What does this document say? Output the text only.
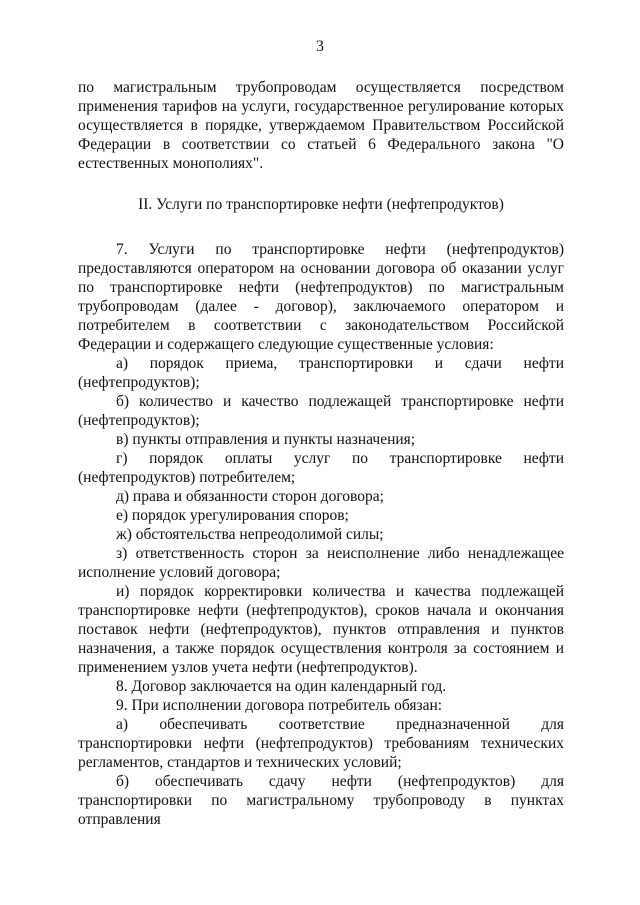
3

по магистральным трубопроводам осуществляется посредством применения тарифов на услуги, государственное регулирование которых осуществляется в порядке, утверждаемом Правительством Российской Федерации в соответствии со статьей 6 Федерального закона "О естественных монополиях".

II. Услуги по транспортировке нефти (нефтепродуктов)

7. Услуги по транспортировке нефти (нефтепродуктов) предоставляются оператором на основании договора об оказании услуг по транспортировке нефти (нефтепродуктов) по магистральным трубопроводам (далее - договор), заключаемого оператором и потребителем в соответствии с законодательством Российской Федерации и содержащего следующие существенные условия:

а) порядок приема, транспортировки и сдачи нефти (нефтепродуктов);

б) количество и качество подлежащей транспортировке нефти (нефтепродуктов);

в) пункты отправления и пункты назначения;

г) порядок оплаты услуг по транспортировке нефти (нефтепродуктов) потребителем;

д) права и обязанности сторон договора;

е) порядок урегулирования споров;

ж) обстоятельства непреодолимой силы;

з) ответственность сторон за неисполнение либо ненадлежащее исполнение условий договора;

и) порядок корректировки количества и качества подлежащей транспортировке нефти (нефтепродуктов), сроков начала и окончания поставок нефти (нефтепродуктов), пунктов отправления и пунктов назначения, а также порядок осуществления контроля за состоянием и применением узлов учета нефти (нефтепродуктов).

8. Договор заключается на один календарный год.

9. При исполнении договора потребитель обязан:

а) обеспечивать соответствие предназначенной для транспортировки нефти (нефтепродуктов) требованиям технических регламентов, стандартов и технических условий;

б) обеспечивать сдачу нефти (нефтепродуктов) для транспортировки по магистральному трубопроводу в пунктах отправления
